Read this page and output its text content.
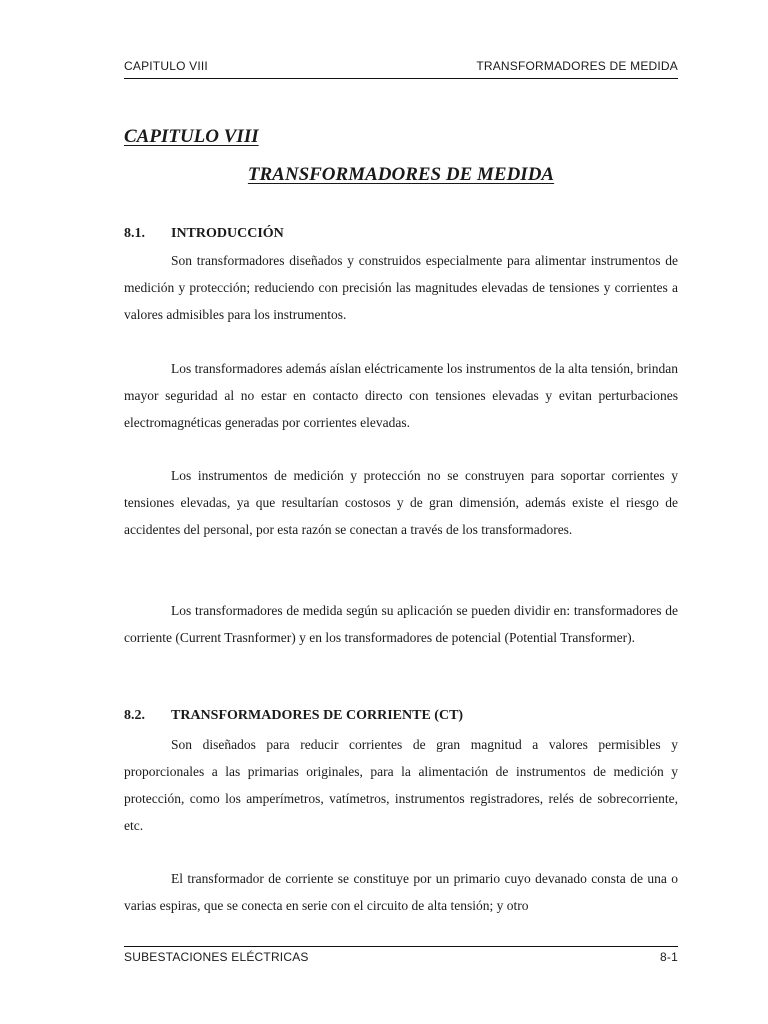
CAPITULO VIII	TRANSFORMADORES DE MEDIDA
CAPITULO VIII
TRANSFORMADORES DE MEDIDA
8.1.	INTRODUCCIÓN

Son transformadores diseñados y construidos especialmente para alimentar instrumentos de medición y protección; reduciendo con precisión las magnitudes elevadas de tensiones y corrientes a valores admisibles para los instrumentos.

Los transformadores además aíslan eléctricamente los instrumentos de la alta tensión, brindan mayor seguridad al no estar en contacto directo con tensiones elevadas y evitan perturbaciones electromagnéticas generadas por corrientes elevadas.

Los instrumentos de medición y protección no se construyen para soportar corrientes y tensiones elevadas, ya que resultarían costosos y de gran dimensión, además existe el riesgo de accidentes del personal, por esta razón se conectan a través de los transformadores.

Los transformadores de medida según su aplicación se pueden dividir en: transformadores de corriente (Current Trasnformer) y en los transformadores de potencial (Potential Transformer).

8.2.	TRANSFORMADORES DE CORRIENTE (CT)

Son diseñados para reducir corrientes de gran magnitud a valores permisibles y proporcionales a las primarias originales, para la alimentación de instrumentos de medición y protección, como los amperímetros, vatímetros, instrumentos registradores, relés de sobrecorriente, etc.

El transformador de corriente se constituye por un primario cuyo devanado consta de una o varias espiras, que se conecta en serie con el circuito de alta tensión; y otro

SUBESTACIONES ELÉCTRICAS	8-1
